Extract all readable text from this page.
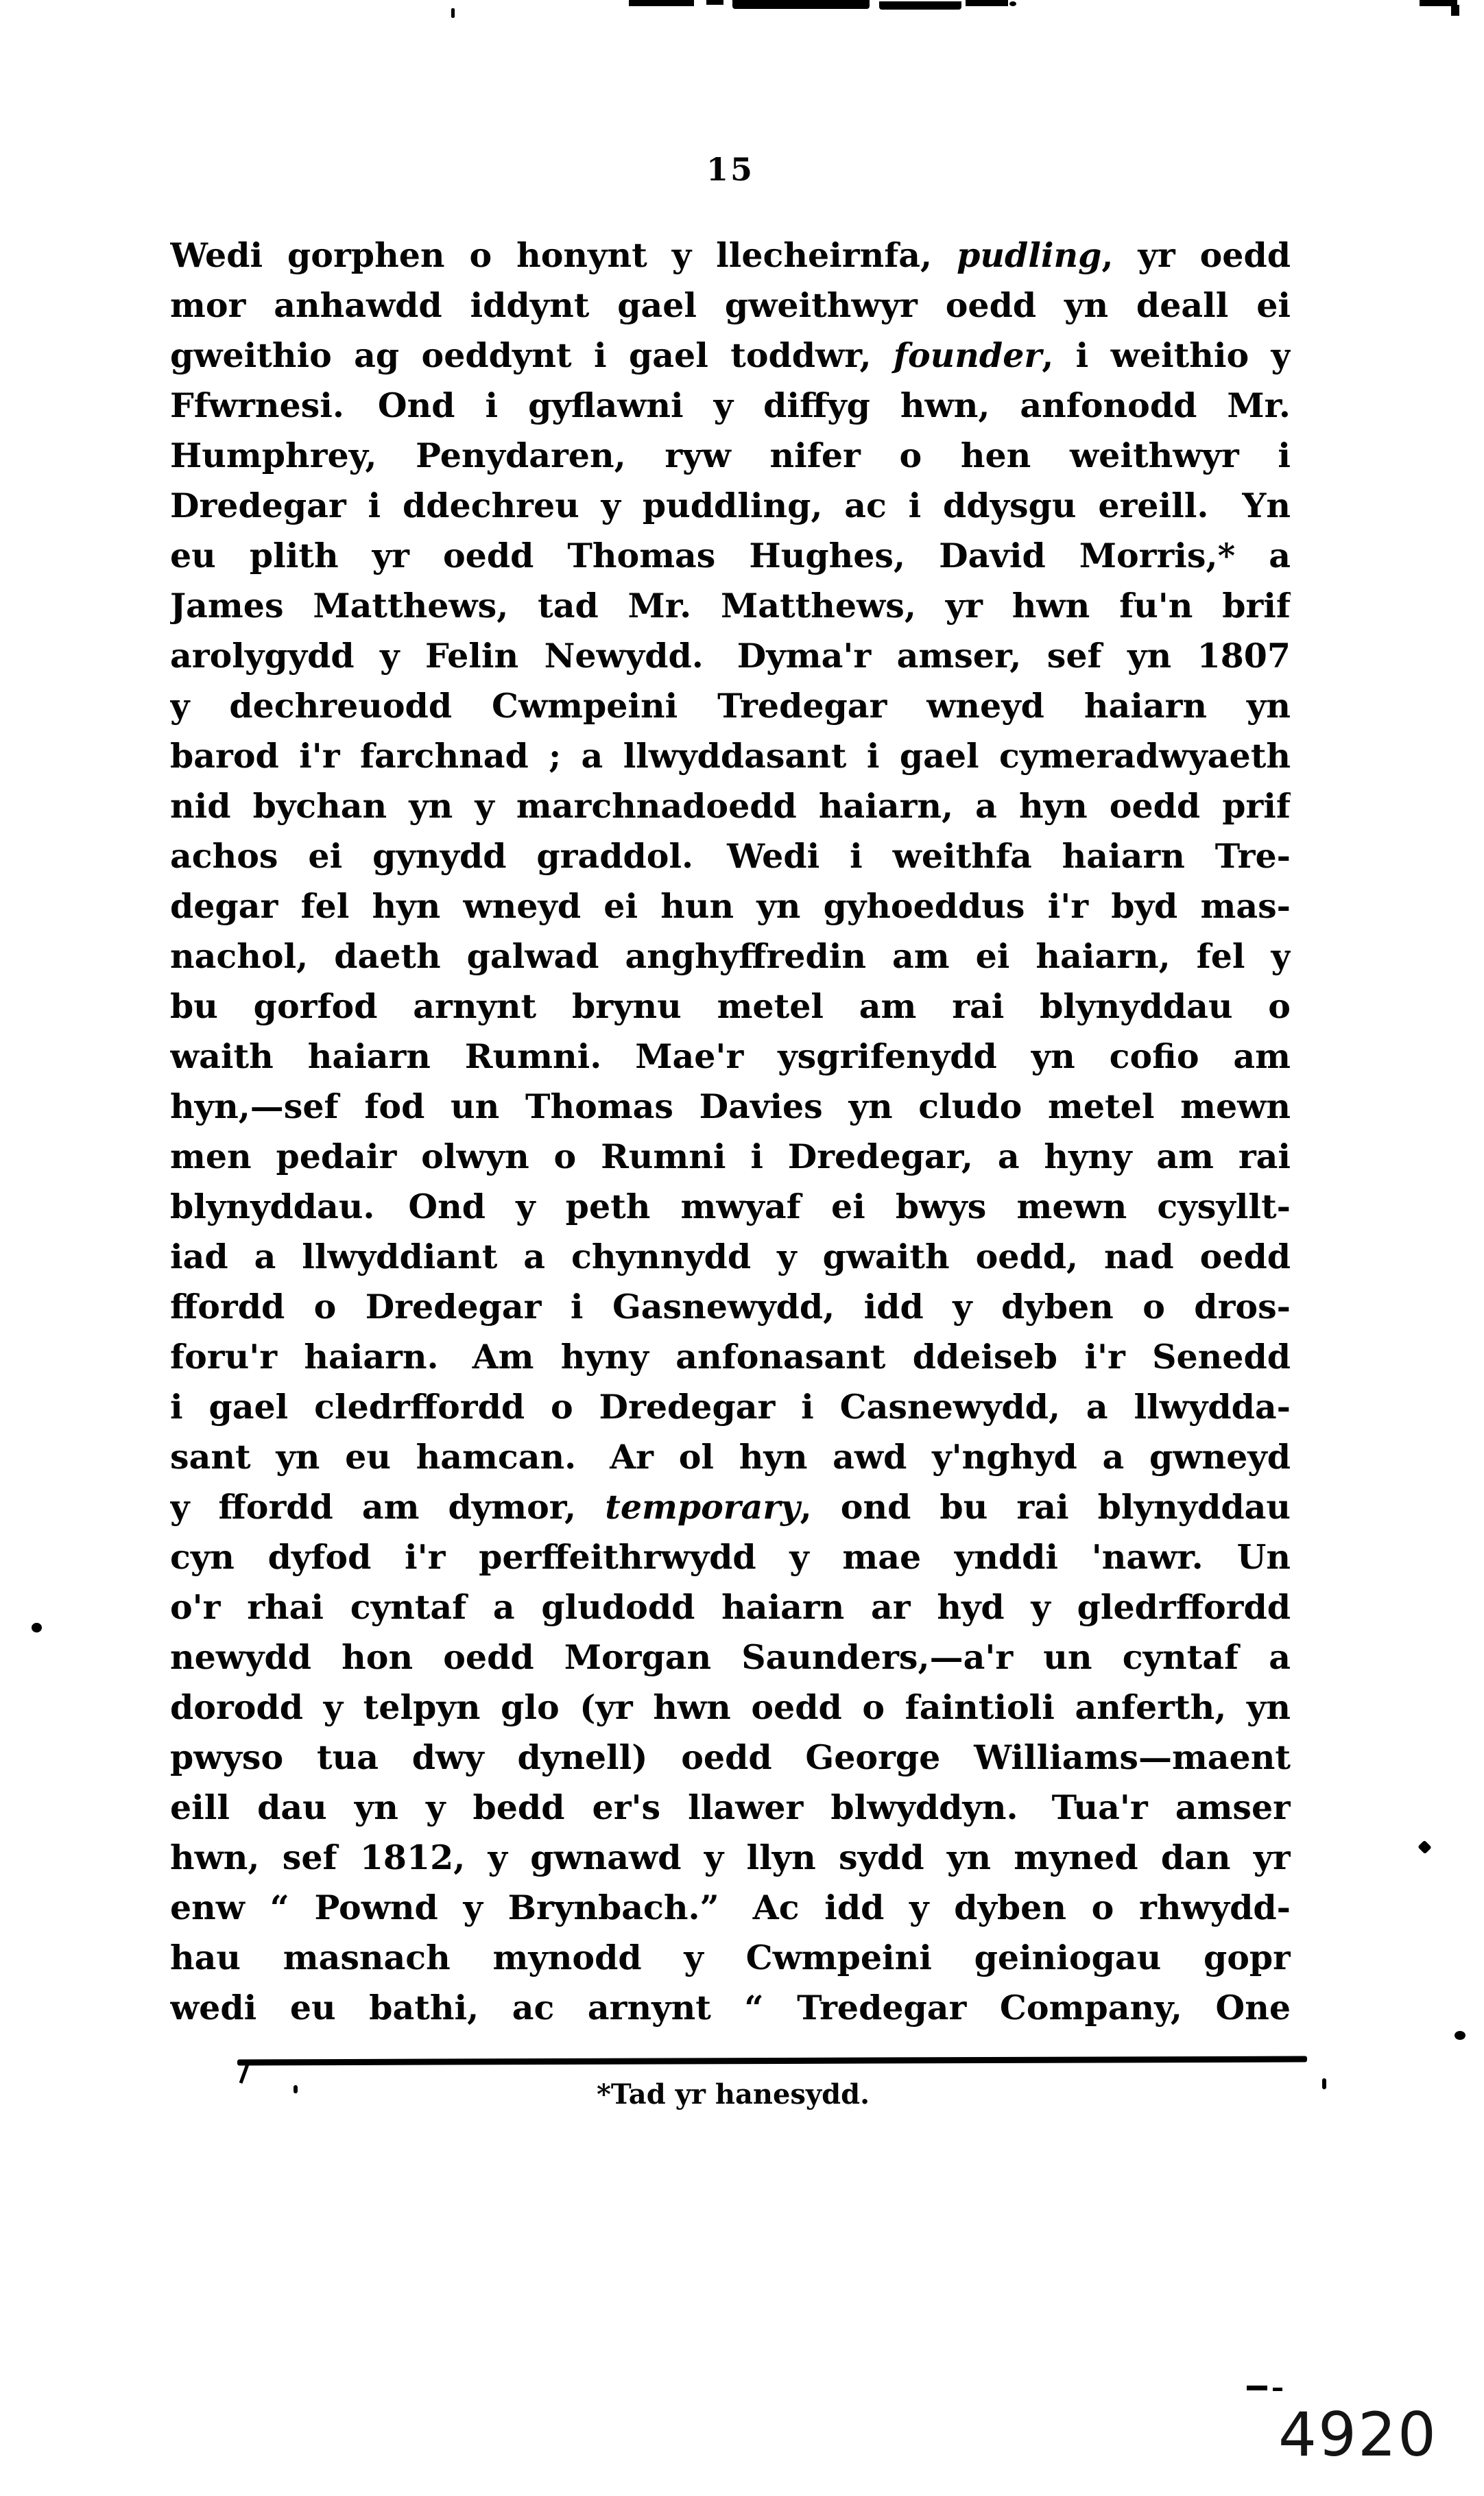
15
Wedi gorphen o honynt y llecheirnfa, pudling, yr oedd
mor anhawdd iddynt gael gweithwyr oedd yn deall ei
gweithio ag oeddynt i gael toddwr, founder, i weithio y
Ffwrnesi. Ond i gyflawni y diffyg hwn, anfonodd Mr.
Humphrey, Penydaren, ryw nifer o hen weithwyr i
Dredegar i ddechreu y puddling, ac i ddysgu ereill. Yn
eu plith yr oedd Thomas Hughes, David Morris,* a
James Matthews, tad Mr. Matthews, yr hwn fu'n brif
arolygydd y Felin Newydd. Dyma'r amser, sef yn 1807
y dechreuodd Cwmpeini Tredegar wneyd haiarn yn
barod i'r farchnad ; a llwyddasant i gael cymeradwyaeth
nid bychan yn y marchnadoedd haiarn, a hyn oedd prif
achos ei gynydd graddol. Wedi i weithfa haiarn Tre-
degar fel hyn wneyd ei hun yn gyhoeddus i'r byd mas-
nachol, daeth galwad anghyffredin am ei haiarn, fel y
bu gorfod arnynt brynu metel am rai blynyddau o
waith haiarn Rumni. Mae'r ysgrifenydd yn cofio am
hyn,—sef fod un Thomas Davies yn cludo metel mewn
men pedair olwyn o Rumni i Dredegar, a hyny am rai
blynyddau. Ond y peth mwyaf ei bwys mewn cysyllt-
iad a llwyddiant a chynnydd y gwaith oedd, nad oedd
ffordd o Dredegar i Gasnewydd, idd y dyben o dros-
foru'r haiarn. Am hyny anfonasant ddeiseb i'r Senedd
i gael cledrffordd o Dredegar i Casnewydd, a llwydda-
sant yn eu hamcan. Ar ol hyn awd y'nghyd a gwneyd
y ffordd am dymor, temporary, ond bu rai blynyddau
cyn dyfod i'r perffeithrwydd y mae ynddi 'nawr. Un
o'r rhai cyntaf a gludodd haiarn ar hyd y gledrffordd
newydd hon oedd Morgan Saunders,—a'r un cyntaf a
dorodd y telpyn glo (yr hwn oedd o faintioli anferth, yn
pwyso tua dwy dynell) oedd George Williams—maent
eill dau yn y bedd er's llawer blwyddyn. Tua'r amser
hwn, sef 1812, y gwnawd y llyn sydd yn myned dan yr
enw “ Pownd y Brynbach.” Ac idd y dyben o rhwydd-
hau masnach mynodd y Cwmpeini geiniogau gopr
wedi eu bathi, ac arnynt “ Tredegar Company, One
*Tad yr hanesydd.
4920
